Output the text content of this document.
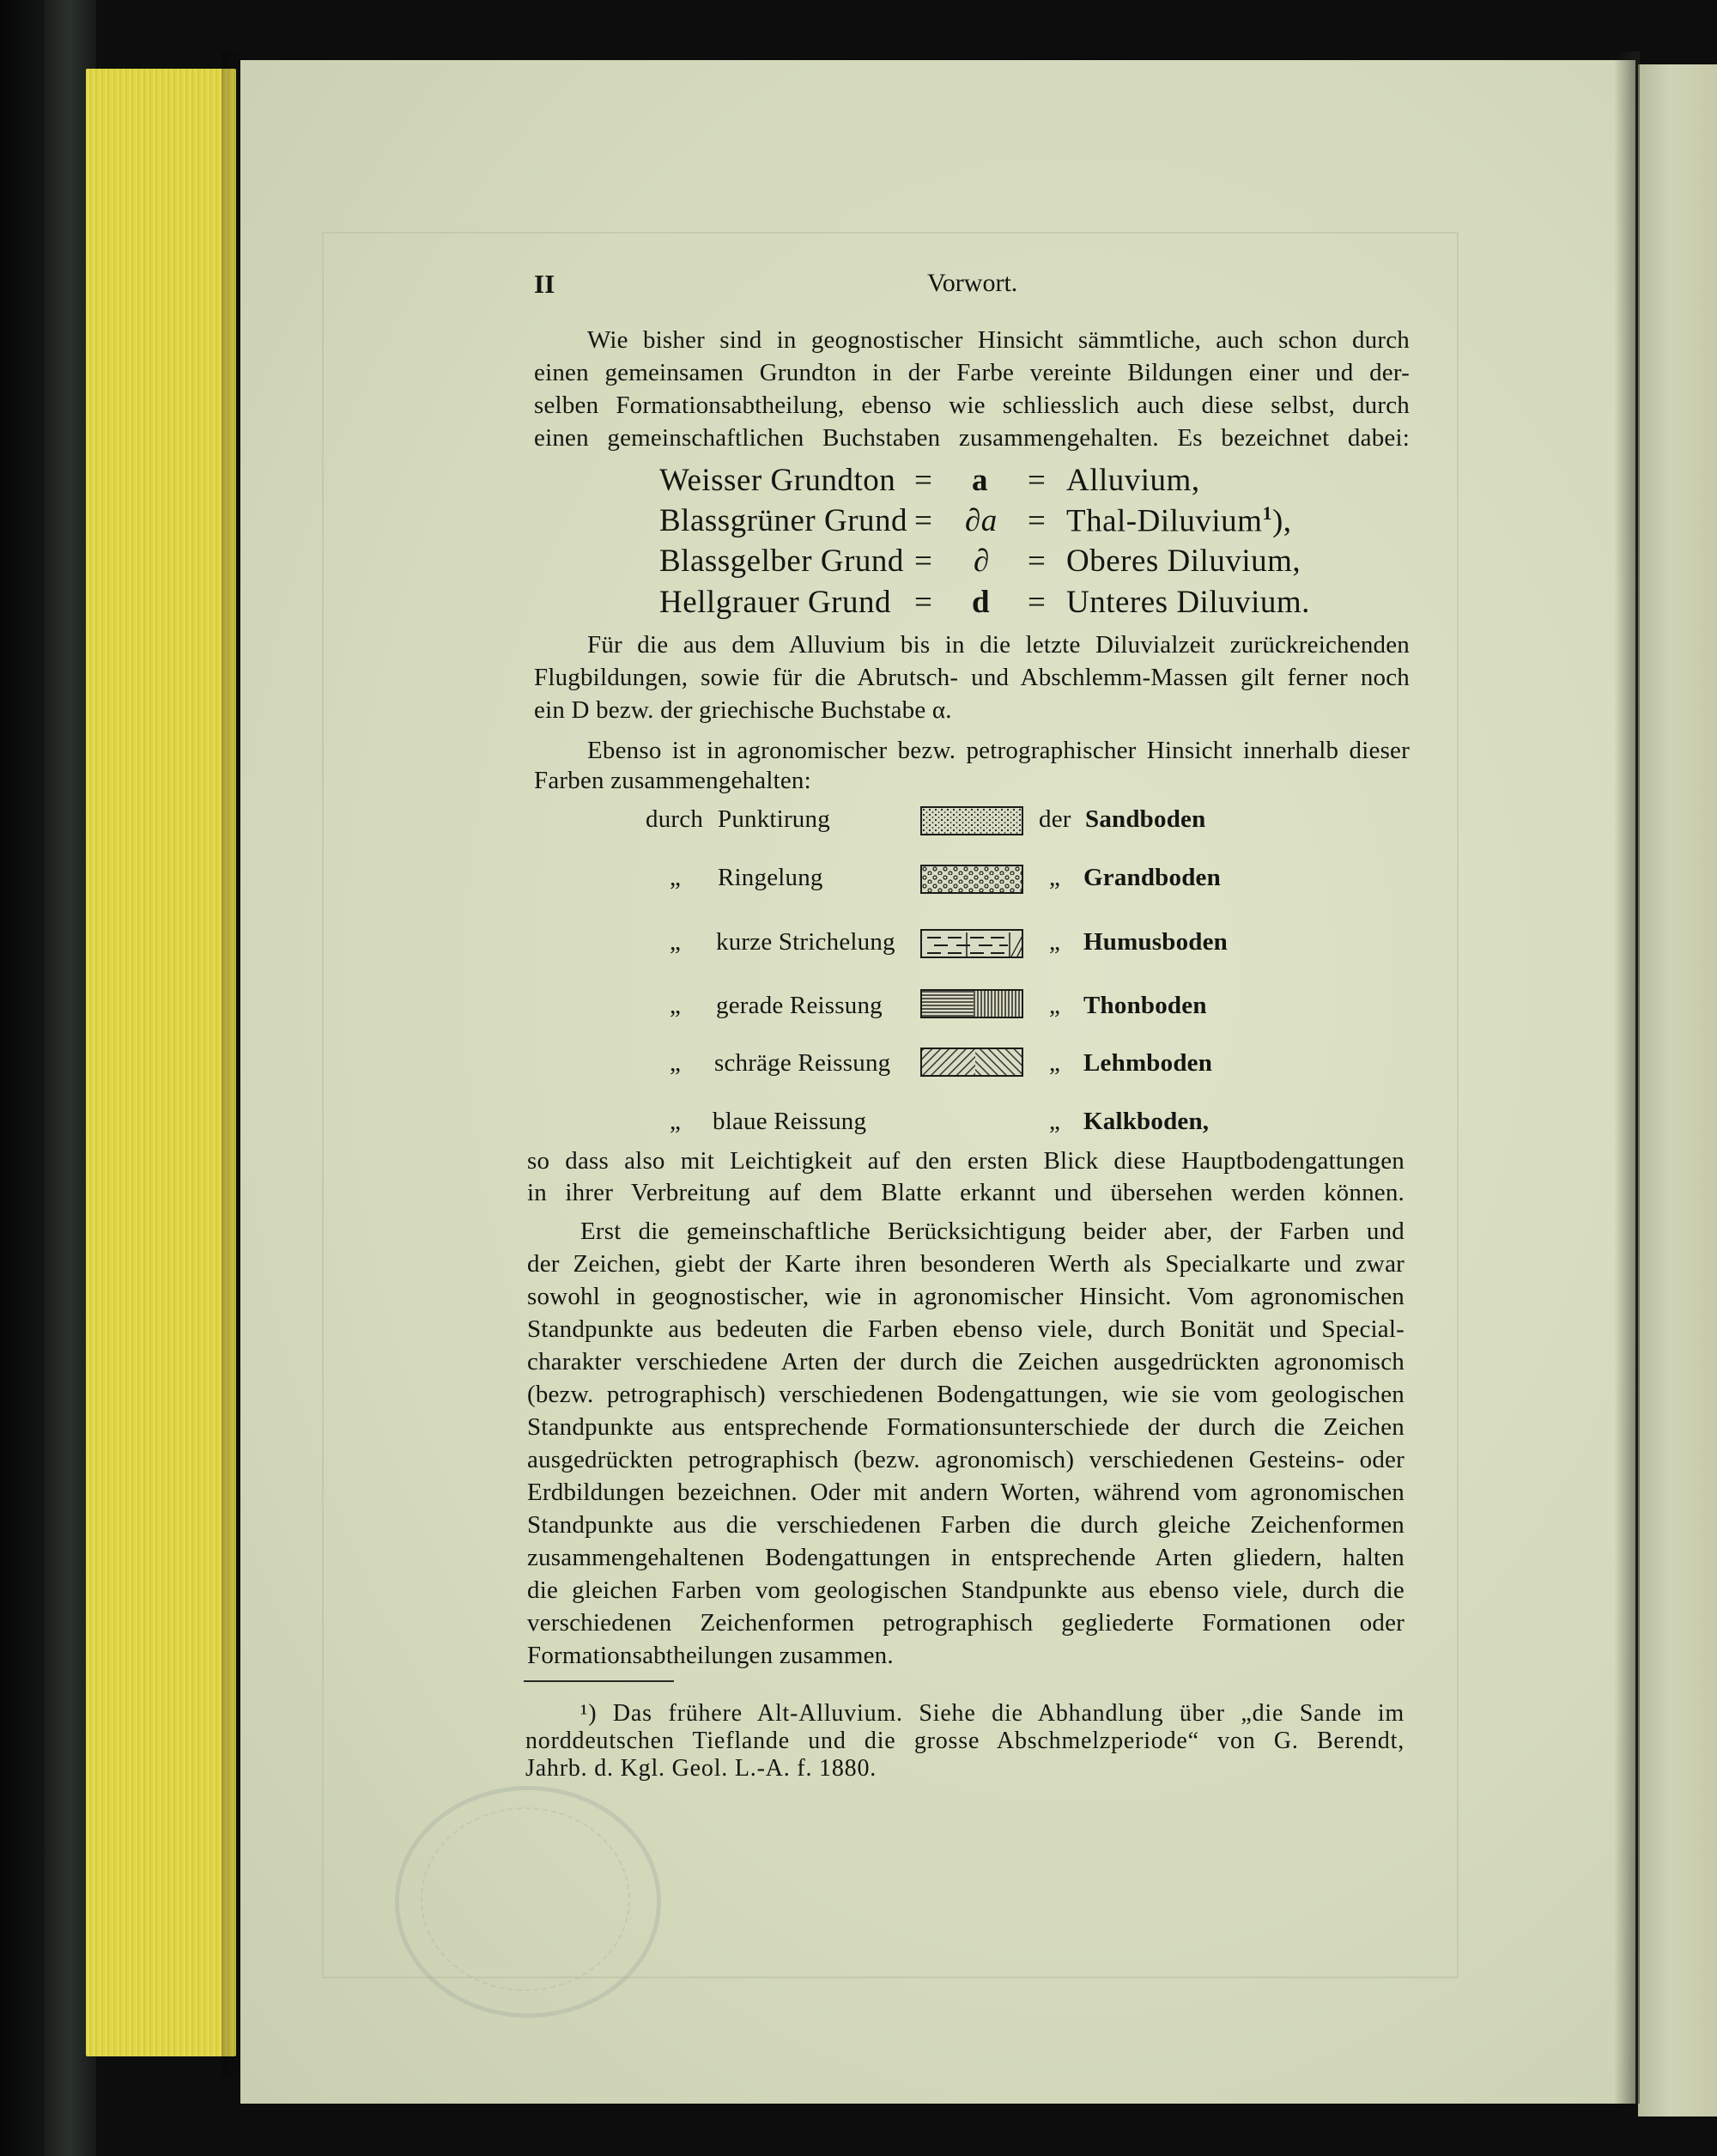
II	Vorwort.
Wie bisher sind in geognostischer Hinsicht sämmtliche, auch schon durch
einen gemeinsamen Grundton in der Farbe vereinte Bildungen einer und der-
selben Formationsabtheilung, ebenso wie schliesslich auch diese selbst, durch
einen gemeinschaftlichen Buchstaben zusammengehalten. Es bezeichnet dabei:
Weisser Grundton = a = Alluvium,
Blassgrüner Grund = ∂a = Thal-Diluvium$^1$),
Blassgelber Grund = ∂ = Oberes Diluvium,
Hellgrauer Grund = d = Unteres Diluvium.
Für die aus dem Alluvium bis in die letzte Diluvialzeit zurückreichenden
Flugbildungen, sowie für die Abrutsch- und Abschlemm-Massen gilt ferner noch
ein D bezw. der griechische Buchstabe α.
Ebenso ist in agronomischer bezw. petrographischer Hinsicht innerhalb dieser
Farben zusammengehalten:
durch Punktirung	der Sandboden
„ Ringelung	„ Grandboden
„ kurze Strichelung	„ Humusboden
„ gerade Reissung	„ Thonboden
„ schräge Reissung	„ Lehmboden
„ blaue Reissung	„ Kalkboden,
so dass also mit Leichtigkeit auf den ersten Blick diese Hauptbodengattungen
in ihrer Verbreitung auf dem Blatte erkannt und übersehen werden können.
Erst die gemeinschaftliche Berücksichtigung beider aber, der Farben und
der Zeichen, giebt der Karte ihren besonderen Werth als Specialkarte und zwar
sowohl in geognostischer, wie in agronomischer Hinsicht. Vom agronomischen
Standpunkte aus bedeuten die Farben ebenso viele, durch Bonität und Special-
charakter verschiedene Arten der durch die Zeichen ausgedrückten agronomisch
(bezw. petrographisch) verschiedenen Bodengattungen, wie sie vom geologischen
Standpunkte aus entsprechende Formationsunterschiede der durch die Zeichen
ausgedrückten petrographisch (bezw. agronomisch) verschiedenen Gesteins- oder
Erdbildungen bezeichnen. Oder mit andern Worten, während vom agronomischen
Standpunkte aus die verschiedenen Farben die durch gleiche Zeichenformen
zusammengehaltenen Bodengattungen in entsprechende Arten gliedern, halten
die gleichen Farben vom geologischen Standpunkte aus ebenso viele, durch die
verschiedenen Zeichenformen petrographisch gegliederte Formationen oder
Formationsabtheilungen zusammen.
¹) Das frühere Alt-Alluvium. Siehe die Abhandlung über „die Sande im
norddeutschen Tieflande und die grosse Abschmelzperiode“ von G. Berendt,
Jahrb. d. Kgl. Geol. L.-A. f. 1880.
